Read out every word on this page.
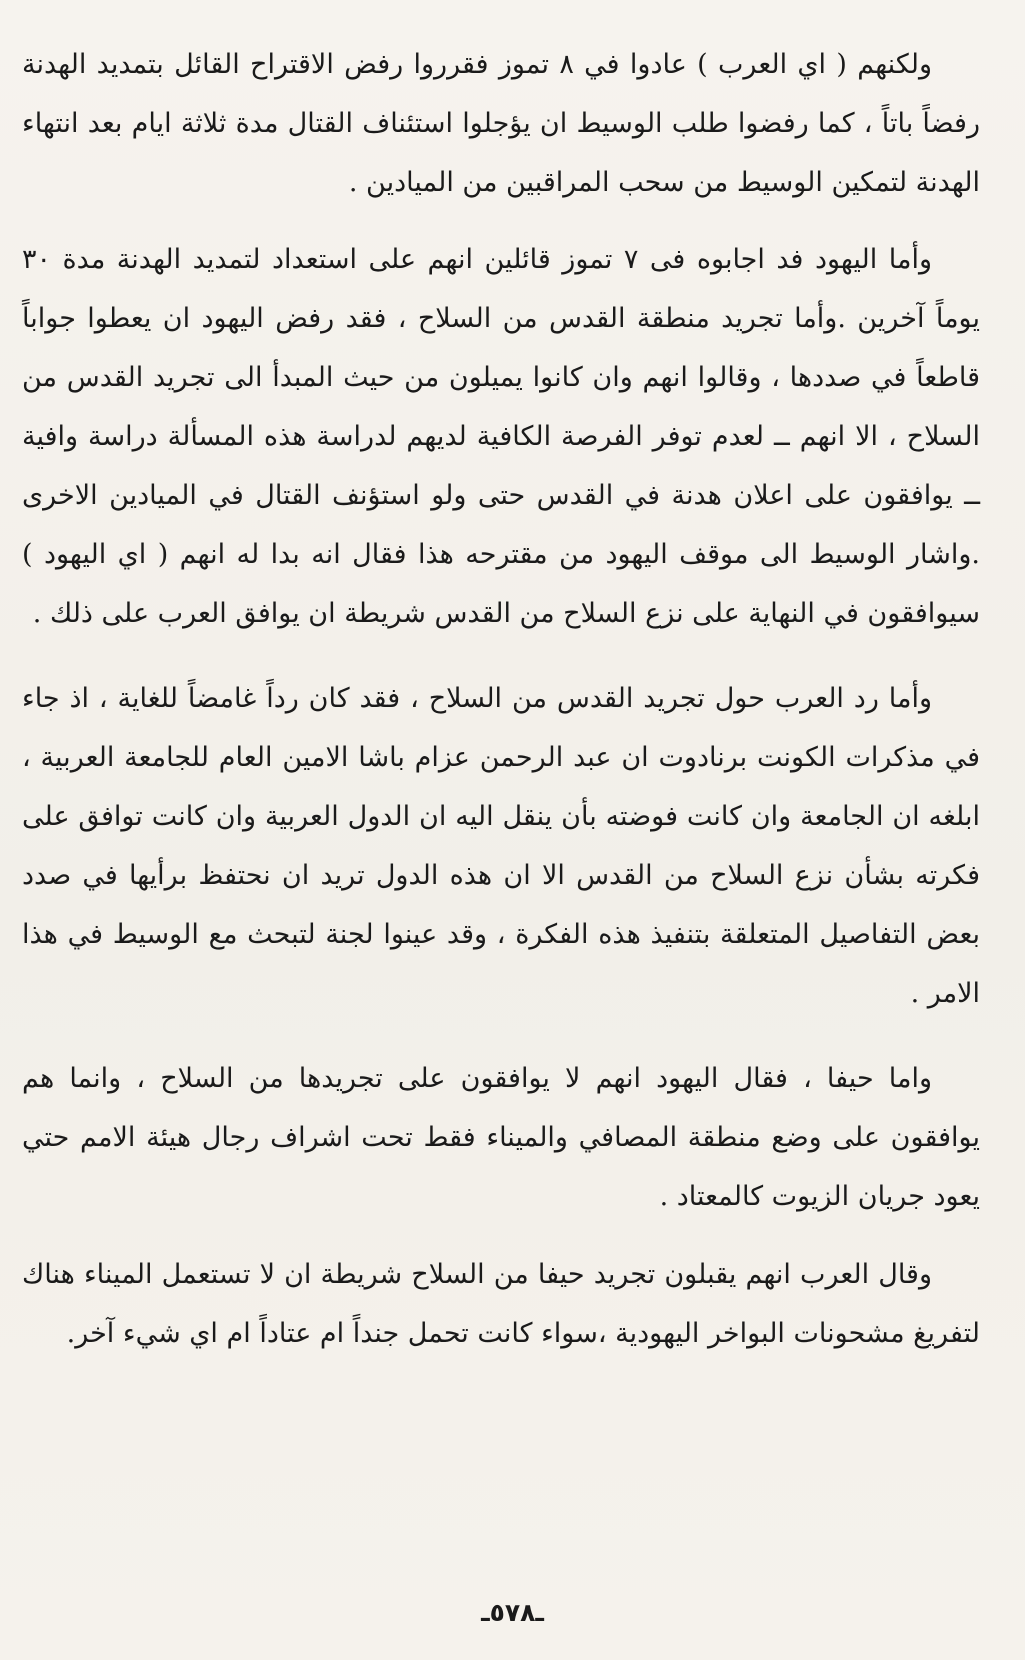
ولكنهم ( اي العرب ) عادوا في ٨ تموز فقرروا رفض الاقتراح القائل بتمديد الهدنة رفضاً باتاً ، كما رفضوا طلب الوسيط ان يؤجلوا استئناف القتال مدة ثلاثة ايام بعد انتهاء الهدنة لتمكين الوسيط من سحب المراقبين من الميادين .

وأما اليهود فد اجابوه فى ٧ تموز قائلين انهم على استعداد لتمديد الهدنة مدة ٣٠ يوماً آخرين .وأما تجريد منطقة القدس من السلاح ، فقد رفض اليهود ان يعطوا جواباً قاطعاً في صددها ، وقالوا انهم وان كانوا يميلون من حيث المبدأ الى تجريد القدس من السلاح ، الا انهم ــ لعدم توفر الفرصة الكافية لديهم لدراسة هذه المسألة دراسة وافية ــ يوافقون على اعلان هدنة في القدس حتى ولو استؤنف القتال في الميادين الاخرى .واشار الوسيط الى موقف اليهود من مقترحه هذا فقال انه بدا له انهم ( اي اليهود ) سيوافقون في النهاية على نزع السلاح من القدس شريطة ان يوافق العرب على ذلك .

وأما رد العرب حول تجريد القدس من السلاح ، فقد كان رداً غامضاً للغاية ، اذ جاء في مذكرات الكونت برنادوت ان عبد الرحمن عزام باشا الامين العام للجامعة العربية ، ابلغه ان الجامعة وان كانت فوضته بأن ينقل اليه ان الدول العربية وان كانت توافق على فكرته بشأن نزع السلاح من القدس الا ان هذه الدول تريد ان نحتفظ برأيها في صدد بعض التفاصيل المتعلقة بتنفيذ هذه الفكرة ، وقد عينوا لجنة لتبحث مع الوسيط في هذا الامر .

واما حيفا ، فقال اليهود انهم لا يوافقون على تجريدها من السلاح ، وانما هم يوافقون على وضع منطقة المصافي والميناء فقط تحت اشراف رجال هيئة الامم حتي يعود جريان الزيوت كالمعتاد .

وقال العرب انهم يقبلون تجريد حيفا من السلاح شريطة ان لا تستعمل الميناء هناك لتفريغ مشحونات البواخر اليهودية ،سواء كانت تحمل جنداً ام عتاداً ام اي شيء آخر.

ـ٥٧٨ـ
